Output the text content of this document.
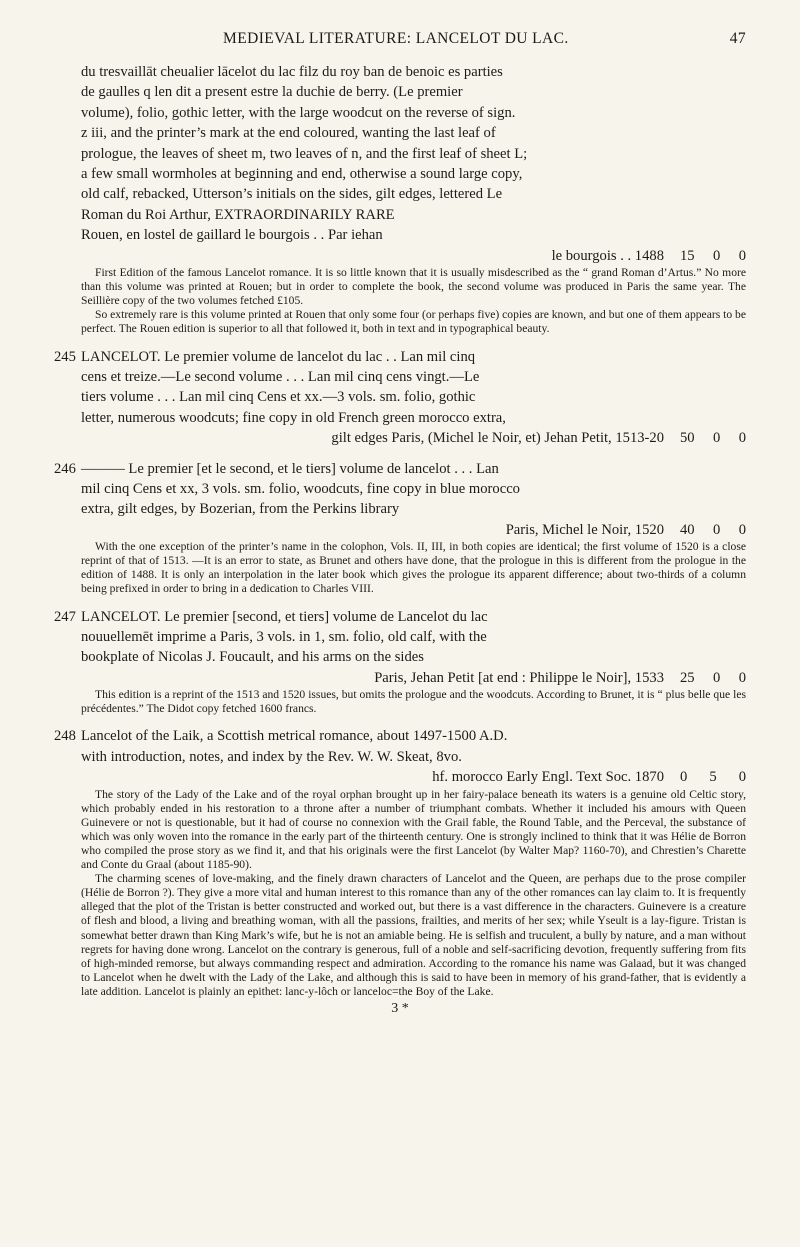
MEDIEVAL LITERATURE: LANCELOT DU LAC.	47

du tresvaillāt cheualier lācelot du lac filz du roy ban de benoic es parties

de gaulles q len dit a present estre la duchie de berry. (Le premier

volume), folio, gothic letter, with the large woodcut on the reverse of sign.

z iii, and the printer’s mark at the end coloured, wanting the last leaf of

prologue, the leaves of sheet m, two leaves of n, and the first leaf of sheet L;

a few small wormholes at beginning and end, otherwise a sound large copy,

old calf, rebacked, Utterson’s initials on the sides, gilt edges, lettered Le

Roman du Roi Arthur, EXTRAORDINARILY RARE

Rouen, en lostel de gaillard le bourgois . . Par iehan

le bourgois . . 1488	15 0 0

First Edition of the famous Lancelot romance. It is so little known that it is usually misdescribed as the “ grand Roman d’Artus.” No more than this volume was printed at Rouen; but in order to complete the book, the second volume was produced in Paris the same year. The Seillière copy of the two volumes fetched £105.

So extremely rare is this volume printed at Rouen that only some four (or perhaps five) copies are known, and but one of them appears to be perfect. The Rouen edition is superior to all that followed it, both in text and in typographical beauty.

245 LANCELOT. Le premier volume de lancelot du lac . . Lan mil cinq

cens et treize.—Le second volume . . . Lan mil cinq cens vingt.—Le

tiers volume . . . Lan mil cinq Cens et xx.—3 vols. sm. folio, gothic

letter, numerous woodcuts; fine copy in old French green morocco extra,

gilt edges Paris, (Michel le Noir, et) Jehan Petit, 1513-20	50 0 0

246 ——— Le premier [et le second, et le tiers] volume de lancelot . . . Lan

mil cinq Cens et xx, 3 vols. sm. folio, woodcuts, fine copy in blue morocco

extra, gilt edges, by Bozerian, from the Perkins library

Paris, Michel le Noir, 1520	40 0 0

With the one exception of the printer’s name in the colophon, Vols. II, III, in both copies are identical; the first volume of 1520 is a close reprint of that of 1513. —It is an error to state, as Brunet and others have done, that the prologue in this is different from the prologue in the edition of 1488. It is only an interpolation in the later book which gives the prologue its apparent difference; about two-thirds of a column being prefixed in order to bring in a dedication to Charles VIII.

247 LANCELOT. Le premier [second, et tiers] volume de Lancelot du lac

nouuellemēt imprime a Paris, 3 vols. in 1, sm. folio, old calf, with the

bookplate of Nicolas J. Foucault, and his arms on the sides

Paris, Jehan Petit [at end : Philippe le Noir], 1533	25 0 0

This edition is a reprint of the 1513 and 1520 issues, but omits the prologue and the woodcuts. According to Brunet, it is “ plus belle que les précédentes.” The Didot copy fetched 1600 francs.

248 Lancelot of the Laik, a Scottish metrical romance, about 1497-1500 A.D.

with introduction, notes, and index by the Rev. W. W. Skeat, 8vo.

hf. morocco Early Engl. Text Soc. 1870	0 5 0

The story of the Lady of the Lake and of the royal orphan brought up in her fairy-palace beneath its waters is a genuine old Celtic story, which probably ended in his restoration to a throne after a number of triumphant combats. Whether it included his amours with Queen Guinevere or not is questionable, but it had of course no connexion with the Grail fable, the Round Table, and the Perceval, the substance of which was only woven into the romance in the early part of the thirteenth century. One is strongly inclined to think that it was Hélie de Borron who compiled the prose story as we find it, and that his originals were the first Lancelot (by Walter Map? 1160-70), and Chrestien’s Charette and Conte du Graal (about 1185-90).

The charming scenes of love-making, and the finely drawn characters of Lancelot and the Queen, are perhaps due to the prose compiler (Hélie de Borron ?). They give a more vital and human interest to this romance than any of the other romances can lay claim to. It is frequently alleged that the plot of the Tristan is better constructed and worked out, but there is a vast difference in the characters. Guinevere is a creature of flesh and blood, a living and breathing woman, with all the passions, frailties, and merits of her sex; while Yseult is a lay-figure. Tristan is somewhat better drawn than King Mark’s wife, but he is not an amiable being. He is selfish and truculent, a bully by nature, and a man without regrets for having done wrong. Lancelot on the contrary is generous, full of a noble and self-sacrificing devotion, frequently suffering from fits of high-minded remorse, but always commanding respect and admiration. According to the romance his name was Galaad, but it was changed to Lancelot when he dwelt with the Lady of the Lake, and although this is said to have been in memory of his grand-father, that is evidently a late addition. Lancelot is plainly an epithet: lanc-y-lôch or lanceloc=the Boy of the Lake.

3 *
